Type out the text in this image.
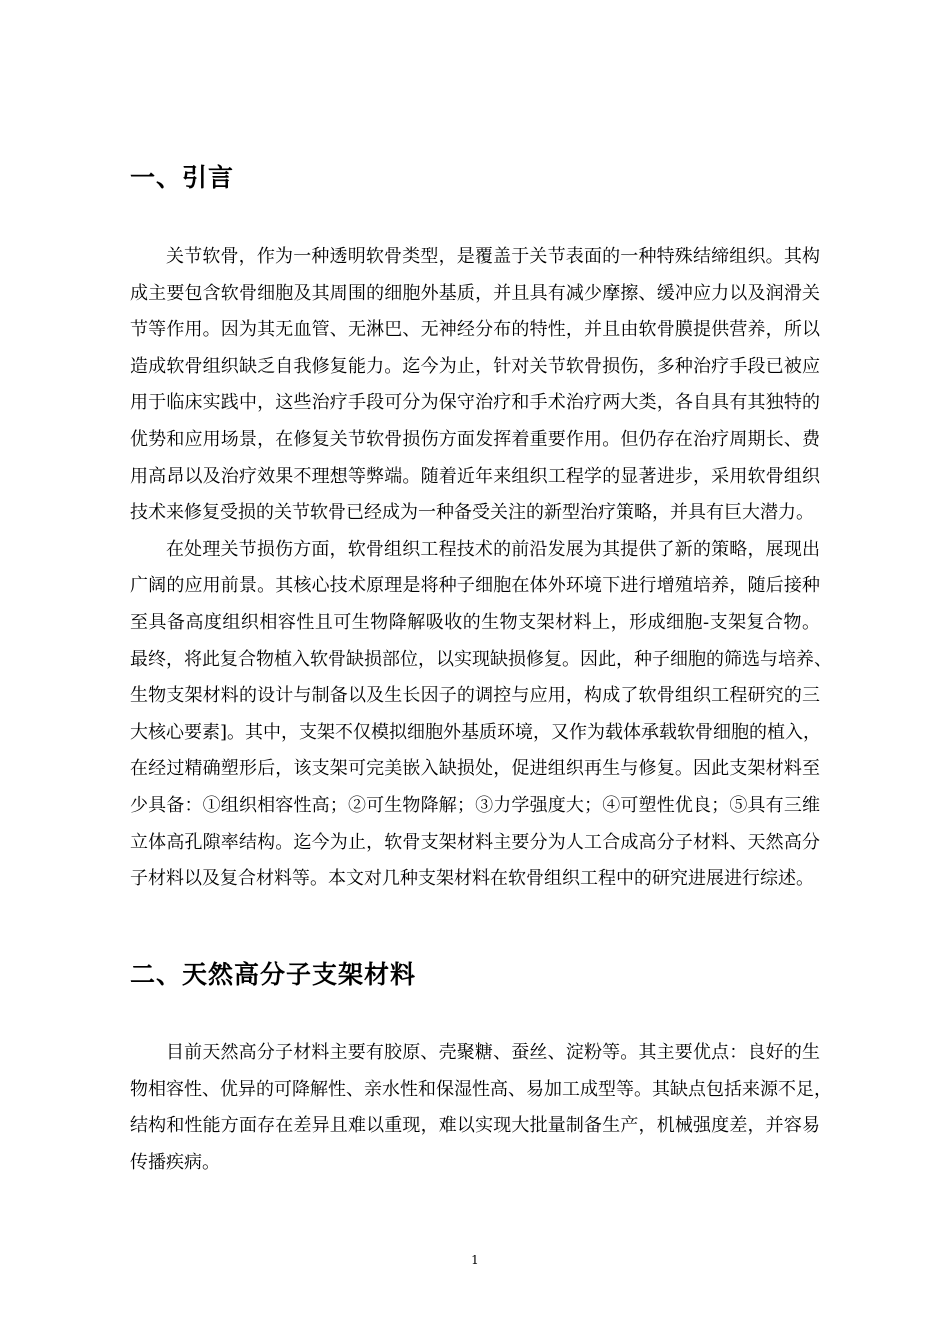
一、引言
关节软骨，作为一种透明软骨类型，是覆盖于关节表面的一种特殊结缔组织。其构
成主要包含软骨细胞及其周围的细胞外基质，并且具有减少摩擦、缓冲应力以及润滑关
节等作用。因为其无血管、无淋巴、无神经分布的特性，并且由软骨膜提供营养，所以
造成软骨组织缺乏自我修复能力。迄今为止，针对关节软骨损伤，多种治疗手段已被应
用于临床实践中，这些治疗手段可分为保守治疗和手术治疗两大类，各自具有其独特的
优势和应用场景，在修复关节软骨损伤方面发挥着重要作用。但仍存在治疗周期长、费
用高昂以及治疗效果不理想等弊端。随着近年来组织工程学的显著进步，采用软骨组织
技术来修复受损的关节软骨已经成为一种备受关注的新型治疗策略，并具有巨大潜力。
在处理关节损伤方面，软骨组织工程技术的前沿发展为其提供了新的策略，展现出
广阔的应用前景。其核心技术原理是将种子细胞在体外环境下进行增殖培养，随后接种
至具备高度组织相容性且可生物降解吸收的生物支架材料上，形成细胞-支架复合物。
最终，将此复合物植入软骨缺损部位，以实现缺损修复。因此，种子细胞的筛选与培养、
生物支架材料的设计与制备以及生长因子的调控与应用，构成了软骨组织工程研究的三
大核心要素]。其中，支架不仅模拟细胞外基质环境，又作为载体承载软骨细胞的植入，
在经过精确塑形后，该支架可完美嵌入缺损处，促进组织再生与修复。因此支架材料至
少具备：①组织相容性高；②可生物降解；③力学强度大；④可塑性优良；⑤具有三维
立体高孔隙率结构。迄今为止，软骨支架材料主要分为人工合成高分子材料、天然高分
子材料以及复合材料等。本文对几种支架材料在软骨组织工程中的研究进展进行综述。
二、天然高分子支架材料
目前天然高分子材料主要有胶原、壳聚糖、蚕丝、淀粉等。其主要优点：良好的生
物相容性、优异的可降解性、亲水性和保湿性高、易加工成型等。其缺点包括来源不足，
结构和性能方面存在差异且难以重现，难以实现大批量制备生产，机械强度差，并容易
传播疾病。
1
